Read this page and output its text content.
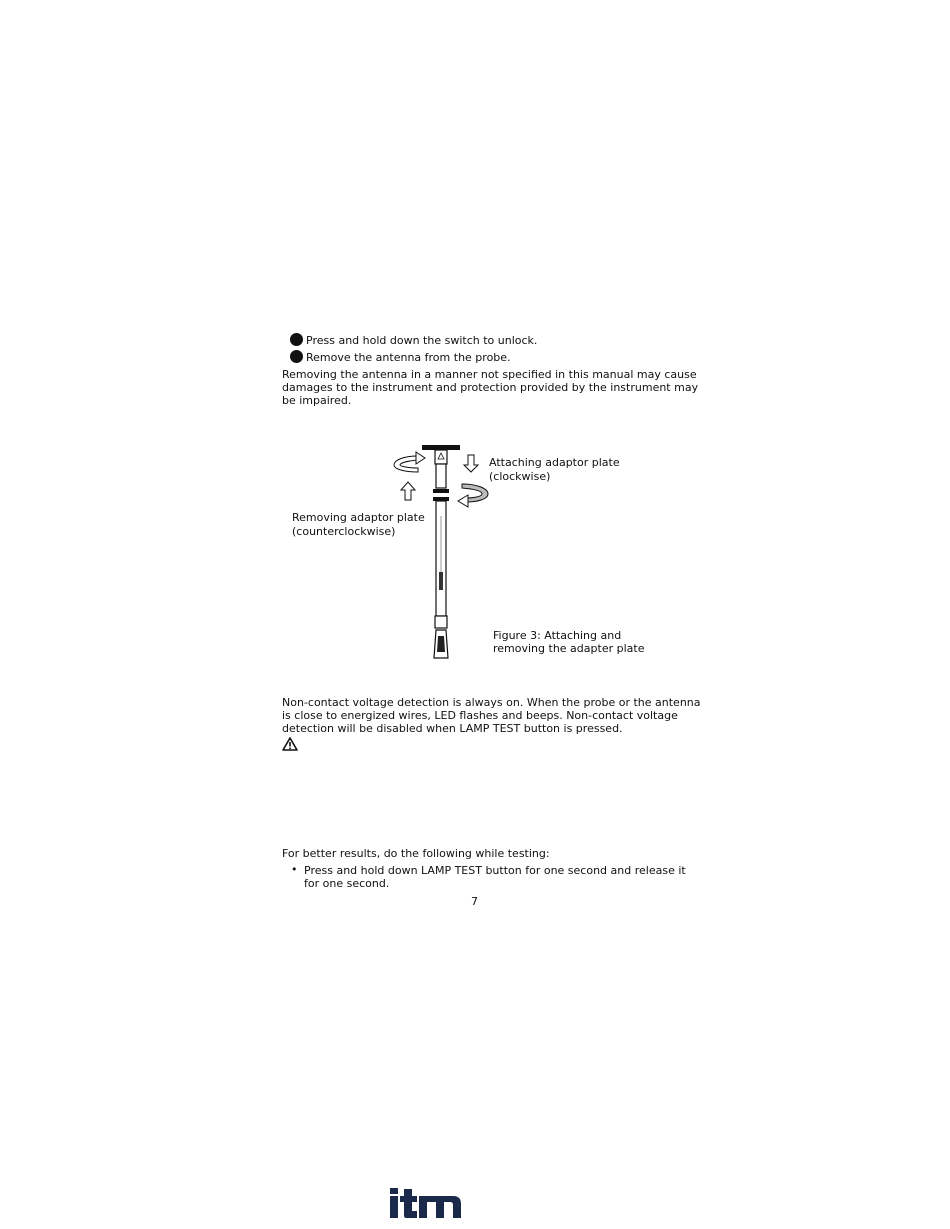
Press and hold down the switch to unlock.
Remove the antenna from the probe.
Removing the antenna in a manner not specified in this manual may cause
damages to the instrument and protection provided by the instrument may
be impaired.
Attaching adaptor plate
(clockwise)
Removing adaptor plate
(counterclockwise)
Figure 3: Attaching and
removing the adapter plate
Non-contact voltage detection is always on. When the probe or the antenna
is close to energized wires, LED flashes and beeps. Non-contact voltage
detection will be disabled when LAMP TEST button is pressed.
For better results, do the following while testing:
• Press and hold down LAMP TEST button for one second and release it
for one second.
7
